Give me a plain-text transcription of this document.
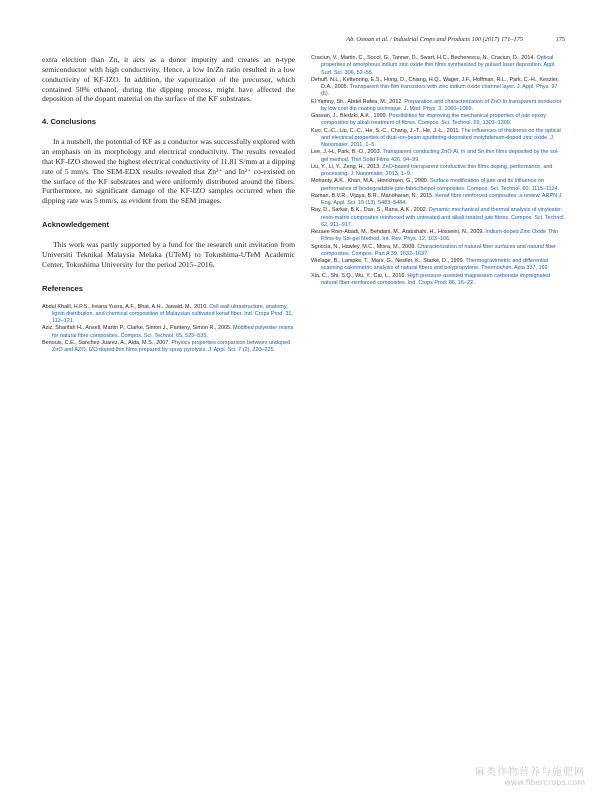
Ab. Osman et al. / Industrial Crops and Products 100 (2017) 171–175	175

extra electron than Zn, it acts as a donor impurity and creates an n-type semiconductor with high conductivity. Hence, a low In/Zn ratio resulted in a low conductivity of KF-IZO. In addition, the vaporization of the precursor, which contained 50% ethanol, during the dipping process, might have affected the deposition of the dopant material on the surface of the KF substrates.

4. Conclusions

In a nutshell, the potential of KF as a conductor was successfully explored with an emphasis on its morphology and electrical conductivity. The results revealed that KF-IZO showed the highest electrical conductivity of 11.81 S/mm at a dipping rate of 5 mm/s. The SEM-EDX results revealed that Zn²⁺ and In³⁺ co-existed on the surface of the KF substrates and were uniformly distributed around the fibers. Furthermore, no significant damage of the KF-IZO samples occurred when the dipping rate was 5 mm/s, as evident from the SEM images.

Acknowledgement

This work was partly supported by a fund for the research unit invitation from Universiti Teknikal Malaysia Melaka (UTeM) to Tokushima-UTeM Academic Center, Tokushima University for the period 2015–2016.

References

Abdul Khalil, H.P.S., Ireana Yusra, A.F., Bhat, A.H., Jawaid, M., 2010. Cell wall ultrastructure, anatomy, lignin distribution, and chemical composition of Malaysian cultivated kenaf fiber. Ind. Crops Prod. 31, 113–121.

Aziz, Sharifah H., Ansell, Martin P., Clarke, Simon J., Panteny, Simon R., 2005. Modified polyester resins for natural fibre composites. Compos. Sci. Technol. 65, 525–535.

Benouis, C.E., Sanchez-Juarez, A., Aida, M.S., 2007. Physics properties comparison between undoped ZnO and AZO, IZO doped thin films prepared by spray pyrolysis. J. Appl. Sci. 7 (2), 220–225.

Craciun, V., Martin, C., Socol, G., Tanner, D., Swart, H.C., Becherescu, N., Craciun, D., 2014. Optical properties of amorphous indium zinc oxide thin films synthesized by pulsed laser deposition. Appl. Surf. Sci. 306, 52–55.

Dehuff, N.L., Kettenring, E.S., Hong, D., Chiang, H.Q., Wager, J.F., Hoffman, R.L., Park, C.-H., Keszler, D.A., 2005. Transparent thin-film transistors with zinc indium oxide channel layer. J. Appl. Phys. 97 (6).

El Yamny, Sh., Abdel Rafea, M., 2012. Preparation and characterization of ZnO:In transparent conductor by low cost dip coating technique. J. Mod. Phys. 3, 1060–1069.

Gassan, J., Bledzki, A.K., 1999. Possibilities for improving the mechanical properties of jute epoxy composites by alkali treatment of fibres. Compos. Sci. Technol. 59, 1303–1309.

Kuo, C.-C., Liu, C.-C., He, S.-C., Chang, J.-T., He, J.-L., 2011. The influences of thickness on the optical and electrical properties of dual-ion-beam sputtering-deposited molybdenum-doped zinc oxide. J. Nanomater. 2011, 1–5.

Lee, J.-H., Park, B.-O., 2003. Transparent conducting ZnO:Al, In and Sn thin films deposited by the sol-gel method. Thin Solid Films 426, 94–99.

Liu, Y., Li, Y., Zeng, H., 2013. ZnO-based transparent conductive thin films doping, performance, and processing. J. Nanomater. 2013, 1–9.

Mohanty, A.K., Khan, M.A., Hinrichsen, G., 2000. Surface modification of jute and its influence on performance of biodegradable jute-fabric/biopol composites. Compos. Sci. Technol. 60, 1115–1124.

Raman, B.V.R., Vijaya, B.R., Manoharan, N., 2015. Kenaf fibre reinforced composites: a review. ARPN J. Eng. Appl. Sci. 10 (13), 5483–5484.

Ray, D., Sarkar, B.K., Das, S., Rana, A.K., 2002. Dynamic mechanical and thermal analysis of vinylester-resin-matrix composites reinforced with untreated and alkali-treated jute fibres. Compos. Sci. Technol. 62, 911–917.

Rezaee Roin-Abadi, M., Behdani, M., Arabshahi, H., Hosseini, N., 2009. Indium-doped Zinc Oxide Thin Films by Sol-gel Method. Int. Rev. Phys. 12, 103–106.

Sgriccia, N., Hawley, M.C., Misra, M., 2008. Characterization of natural fiber surfaces and natural fiber composites. Compos. Part A 39, 1632–1637.

Wielage, B., Lampke, T., Marx, G., Nestler, K., Starke, D., 1999. Thermogravimetric and differential scanning calorimetric analysis of natural fibers and polypropylene. Thermochim. Acta 337, 169.

Xia, C., Shi, S.Q., Wu, Y., Cai, L., 2016. High pressure-assisted magnesium carbonate impregnated natural fiber-reinforced composites. Ind. Crops Prod. 86, 16–22.

麻类作物营养与施肥网
www.fibercrops.com
